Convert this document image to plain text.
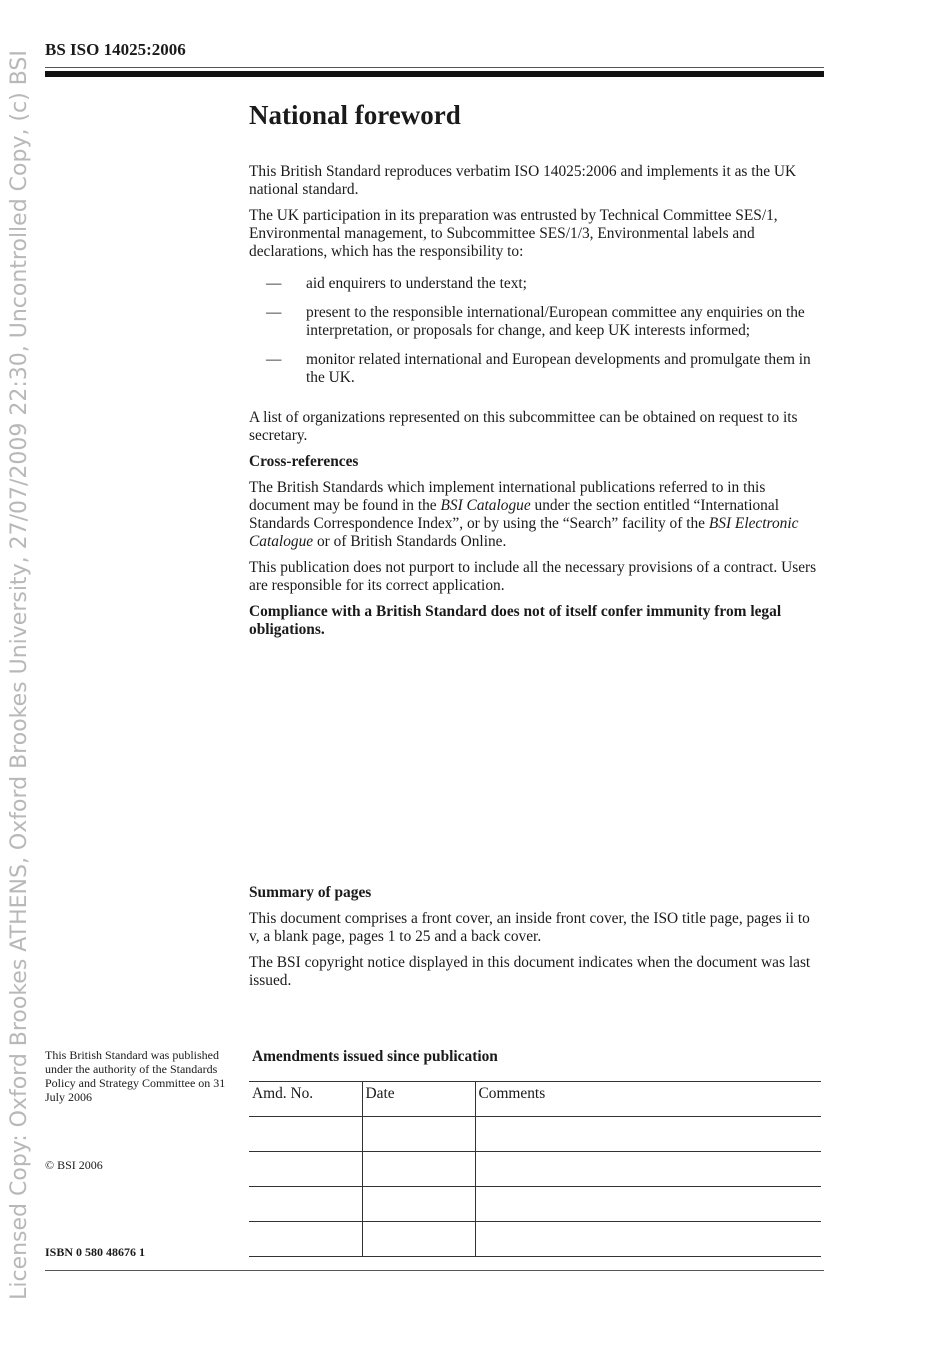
Licensed Copy: Oxford Brookes ATHENS, Oxford Brookes University, 27/07/2009 22:30, Uncontrolled Copy, (c) BSI
BS ISO 14025:2006
National foreword

This British Standard reproduces verbatim ISO 14025:2006 and implements it as the UK national standard.

The UK participation in its preparation was entrusted by Technical Committee SES/1, Environmental management, to Subcommittee SES/1/3, Environmental labels and declarations, which has the responsibility to:

—	aid enquirers to understand the text;
—	present to the responsible international/European committee any enquiries on the interpretation, or proposals for change, and keep UK interests informed;
—	monitor related international and European developments and promulgate them in the UK.

A list of organizations represented on this subcommittee can be obtained on request to its secretary.

Cross-references

The British Standards which implement international publications referred to in this document may be found in the BSI Catalogue under the section entitled “International Standards Correspondence Index”, or by using the “Search” facility of the BSI Electronic Catalogue or of British Standards Online.

This publication does not purport to include all the necessary provisions of a contract. Users are responsible for its correct application.

Compliance with a British Standard does not of itself confer immunity from legal obligations.

Summary of pages

This document comprises a front cover, an inside front cover, the ISO title page, pages ii to v, a blank page, pages 1 to 25 and a back cover.

The BSI copyright notice displayed in this document indicates when the document was last issued.

This British Standard was published under the authority of the Standards Policy and Strategy Committee on 31 July 2006
© BSI 2006
ISBN 0 580 48676 1
Amendments issued since publication
Amd. No.	Date	Comments
